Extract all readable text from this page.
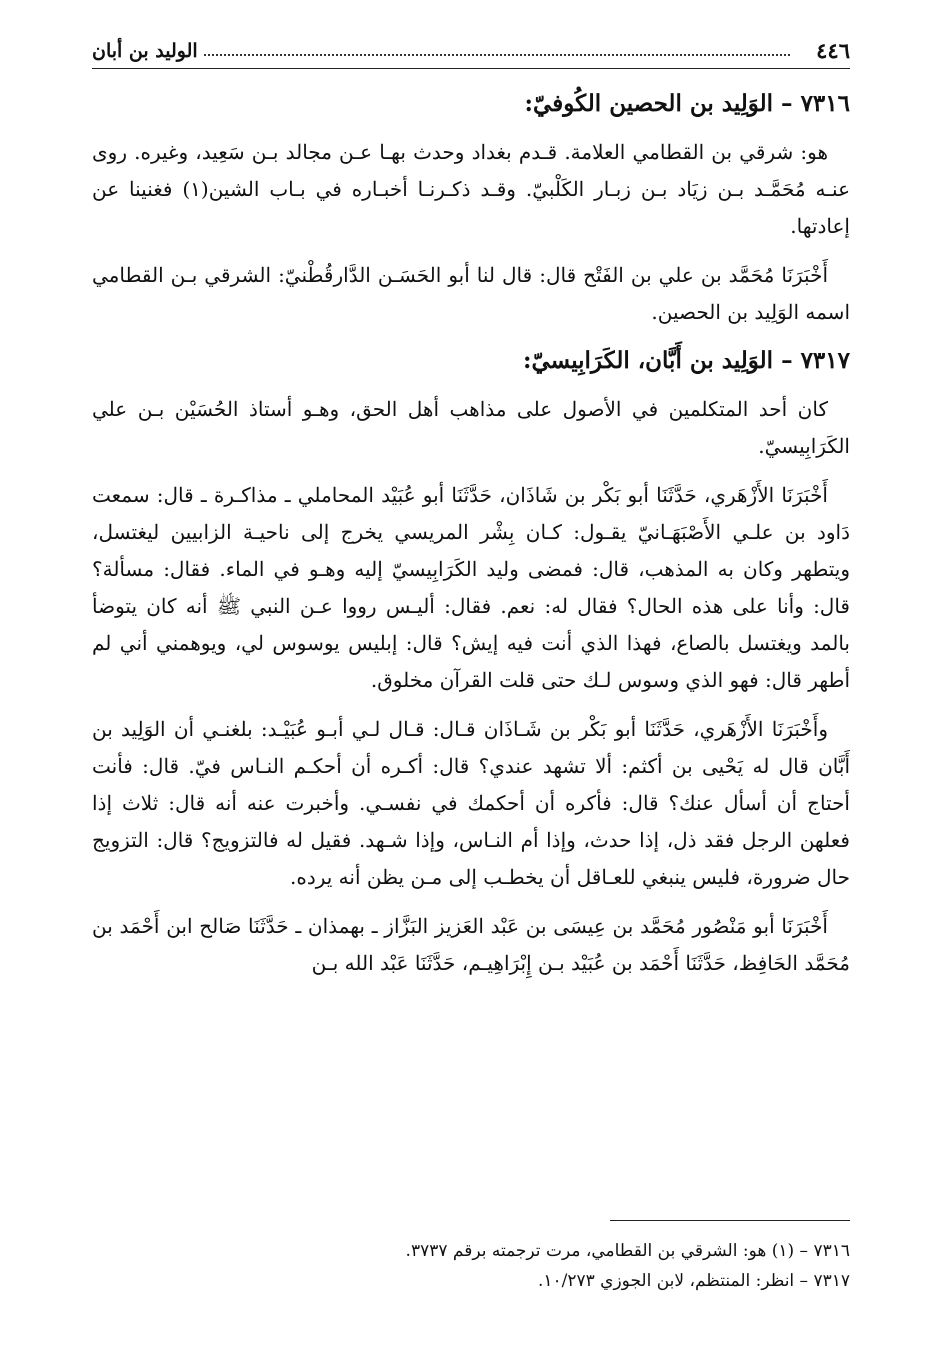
٤٤٦
الوليد بن أبان
٧٣١٦ – الوَلِيد بن الحصين الكُوفيّ:

هو: شرقي بن القطامي العلامة. قـدم بغداد وحدث بهـا عـن مجالد بـن سَعِيد، وغيره. روى عنـه مُحَمَّـد بـن زيَاد بـن زبـار الكَلْبيّ. وقـد ذكـرنـا أخبـاره في بـاب الشين(١) فغنينا عن إعادتها.

أَخْبَرَنَا مُحَمَّد بن علي بن الفَتْح قال: قال لنا أبو الحَسَـن الدَّارقُطْنيّ: الشرقي بـن القطامي اسمه الوَلِيد بن الحصين.

٧٣١٧ – الوَلِيد بن أَبَّان، الكَرَابِيسيّ:

كان أحد المتكلمين في الأصول على مذاهب أهل الحق، وهـو أستاذ الحُسَيْن بـن علي الكَرَابِيسيّ.

أَخْبَرَنَا الأَزْهَري، حَدَّثَنَا أبو بَكْر بن شَاذَان، حَدَّثَنَا أبو عُبَيْد المحاملي ـ مذاكـرة ـ قال: سمعت دَاود بن علـي الأَصْبَهَـانيّ يقـول: كـان بِشْر المريسي يخرج إلى ناحيـة الزابيين ليغتسل، ويتطهر وكان به المذهب، قال: فمضى وليد الكَرَابِيسيّ إليه وهـو في الماء. فقال: مسألة؟ قال: وأنا على هذه الحال؟ فقال له: نعم. فقال: أليـس رووا عـن النبي ﷺ أنه كان يتوضأ بالمد ويغتسل بالصاع، فهذا الذي أنت فيه إيش؟ قال: إبليس يوسوس لي، ويوهمني أني لم أطهر قال: فهو الذي وسوس لـك حتى قلت القرآن مخلوق.

وأَخْبَرَنَا الأَزْهَري، حَدَّثَنَا أبو بَكْر بن شَـاذَان قـال: قـال لـي أبـو عُبَيْـد: بلغنـي أن الوَلِيد بن أَبَّان قال له يَحْيى بن أكثم: ألا تشهد عندي؟ قال: أكـره أن أحكـم النـاس فيّ. قال: فأنت أحتاج أن أسأل عنك؟ قال: فأكره أن أحكمك في نفسـي. وأخبرت عنه أنه قال: ثلاث إذا فعلهن الرجل فقد ذل، إذا حدث، وإذا أم النـاس، وإذا شـهد. فقيل له فالتزويج؟ قال: التزويج حال ضرورة، فليس ينبغي للعـاقل أن يخطـب إلى مـن يظن أنه يرده.

أَخْبَرَنَا أبو مَنْصُور مُحَمَّد بن عِيسَى بن عَبْد العَزيز البَزَّاز ـ بهمذان ـ حَدَّثَنَا صَالح ابن أَحْمَد بن مُحَمَّد الحَافِظ، حَدَّثَنَا أَحْمَد بن عُبَيْد بـن إِبْرَاهِيـم، حَدَّثَنَا عَبْد الله بـن

٧٣١٦ – (١) هو: الشرقي بن القطامي، مرت ترجمته برقم ٣٧٣٧.

٧٣١٧ – انظر: المنتظم، لابن الجوزي ١٠/٢٧٣.
